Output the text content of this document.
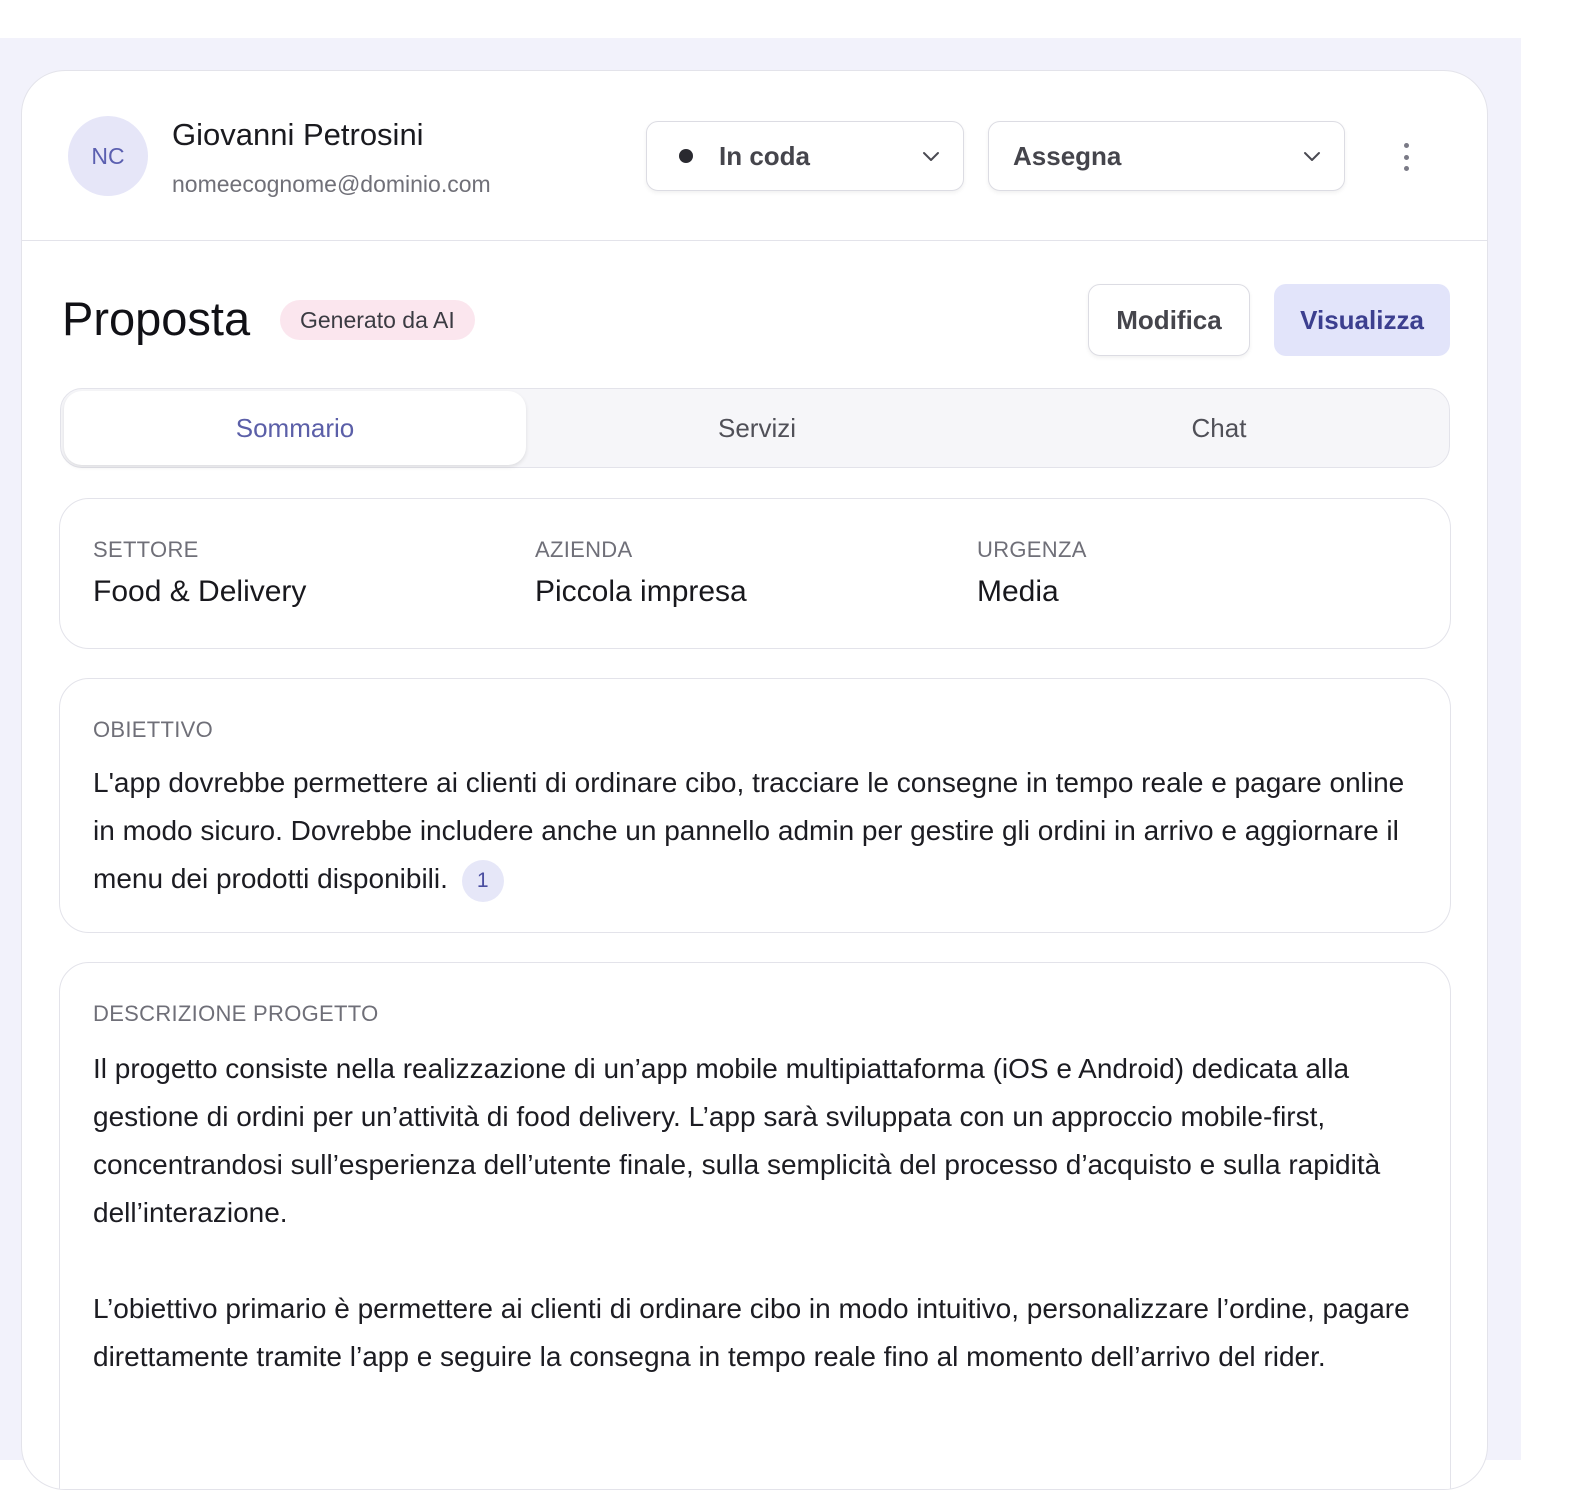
NC
Giovanni Petrosini
nomeecognome@dominio.com
In coda	Assegna
Proposta	Generato da AI	Modifica	Visualizza
Sommario	Servizi	Chat
SETTORE
Food & Delivery
AZIENDA
Piccola impresa
URGENZA
Media
OBIETTIVO
L'app dovrebbe permettere ai clienti di ordinare cibo, tracciare le consegne in tempo reale e pagare online in modo sicuro. Dovrebbe includere anche un pannello admin per gestire gli ordini in arrivo e aggiornare il menu dei prodotti disponibili. 1
DESCRIZIONE PROGETTO

Il progetto consiste nella realizzazione di un’app mobile multipiattaforma (iOS e Android) dedicata alla gestione di ordini per un’attività di food delivery. L’app sarà sviluppata con un approccio mobile-first, concentrandosi sull’esperienza dell’utente finale, sulla semplicità del processo d’acquisto e sulla rapidità dell’interazione.

L’obiettivo primario è permettere ai clienti di ordinare cibo in modo intuitivo, personalizzare l’ordine, pagare direttamente tramite l’app e seguire la consegna in tempo reale fino al momento dell’arrivo del rider.
